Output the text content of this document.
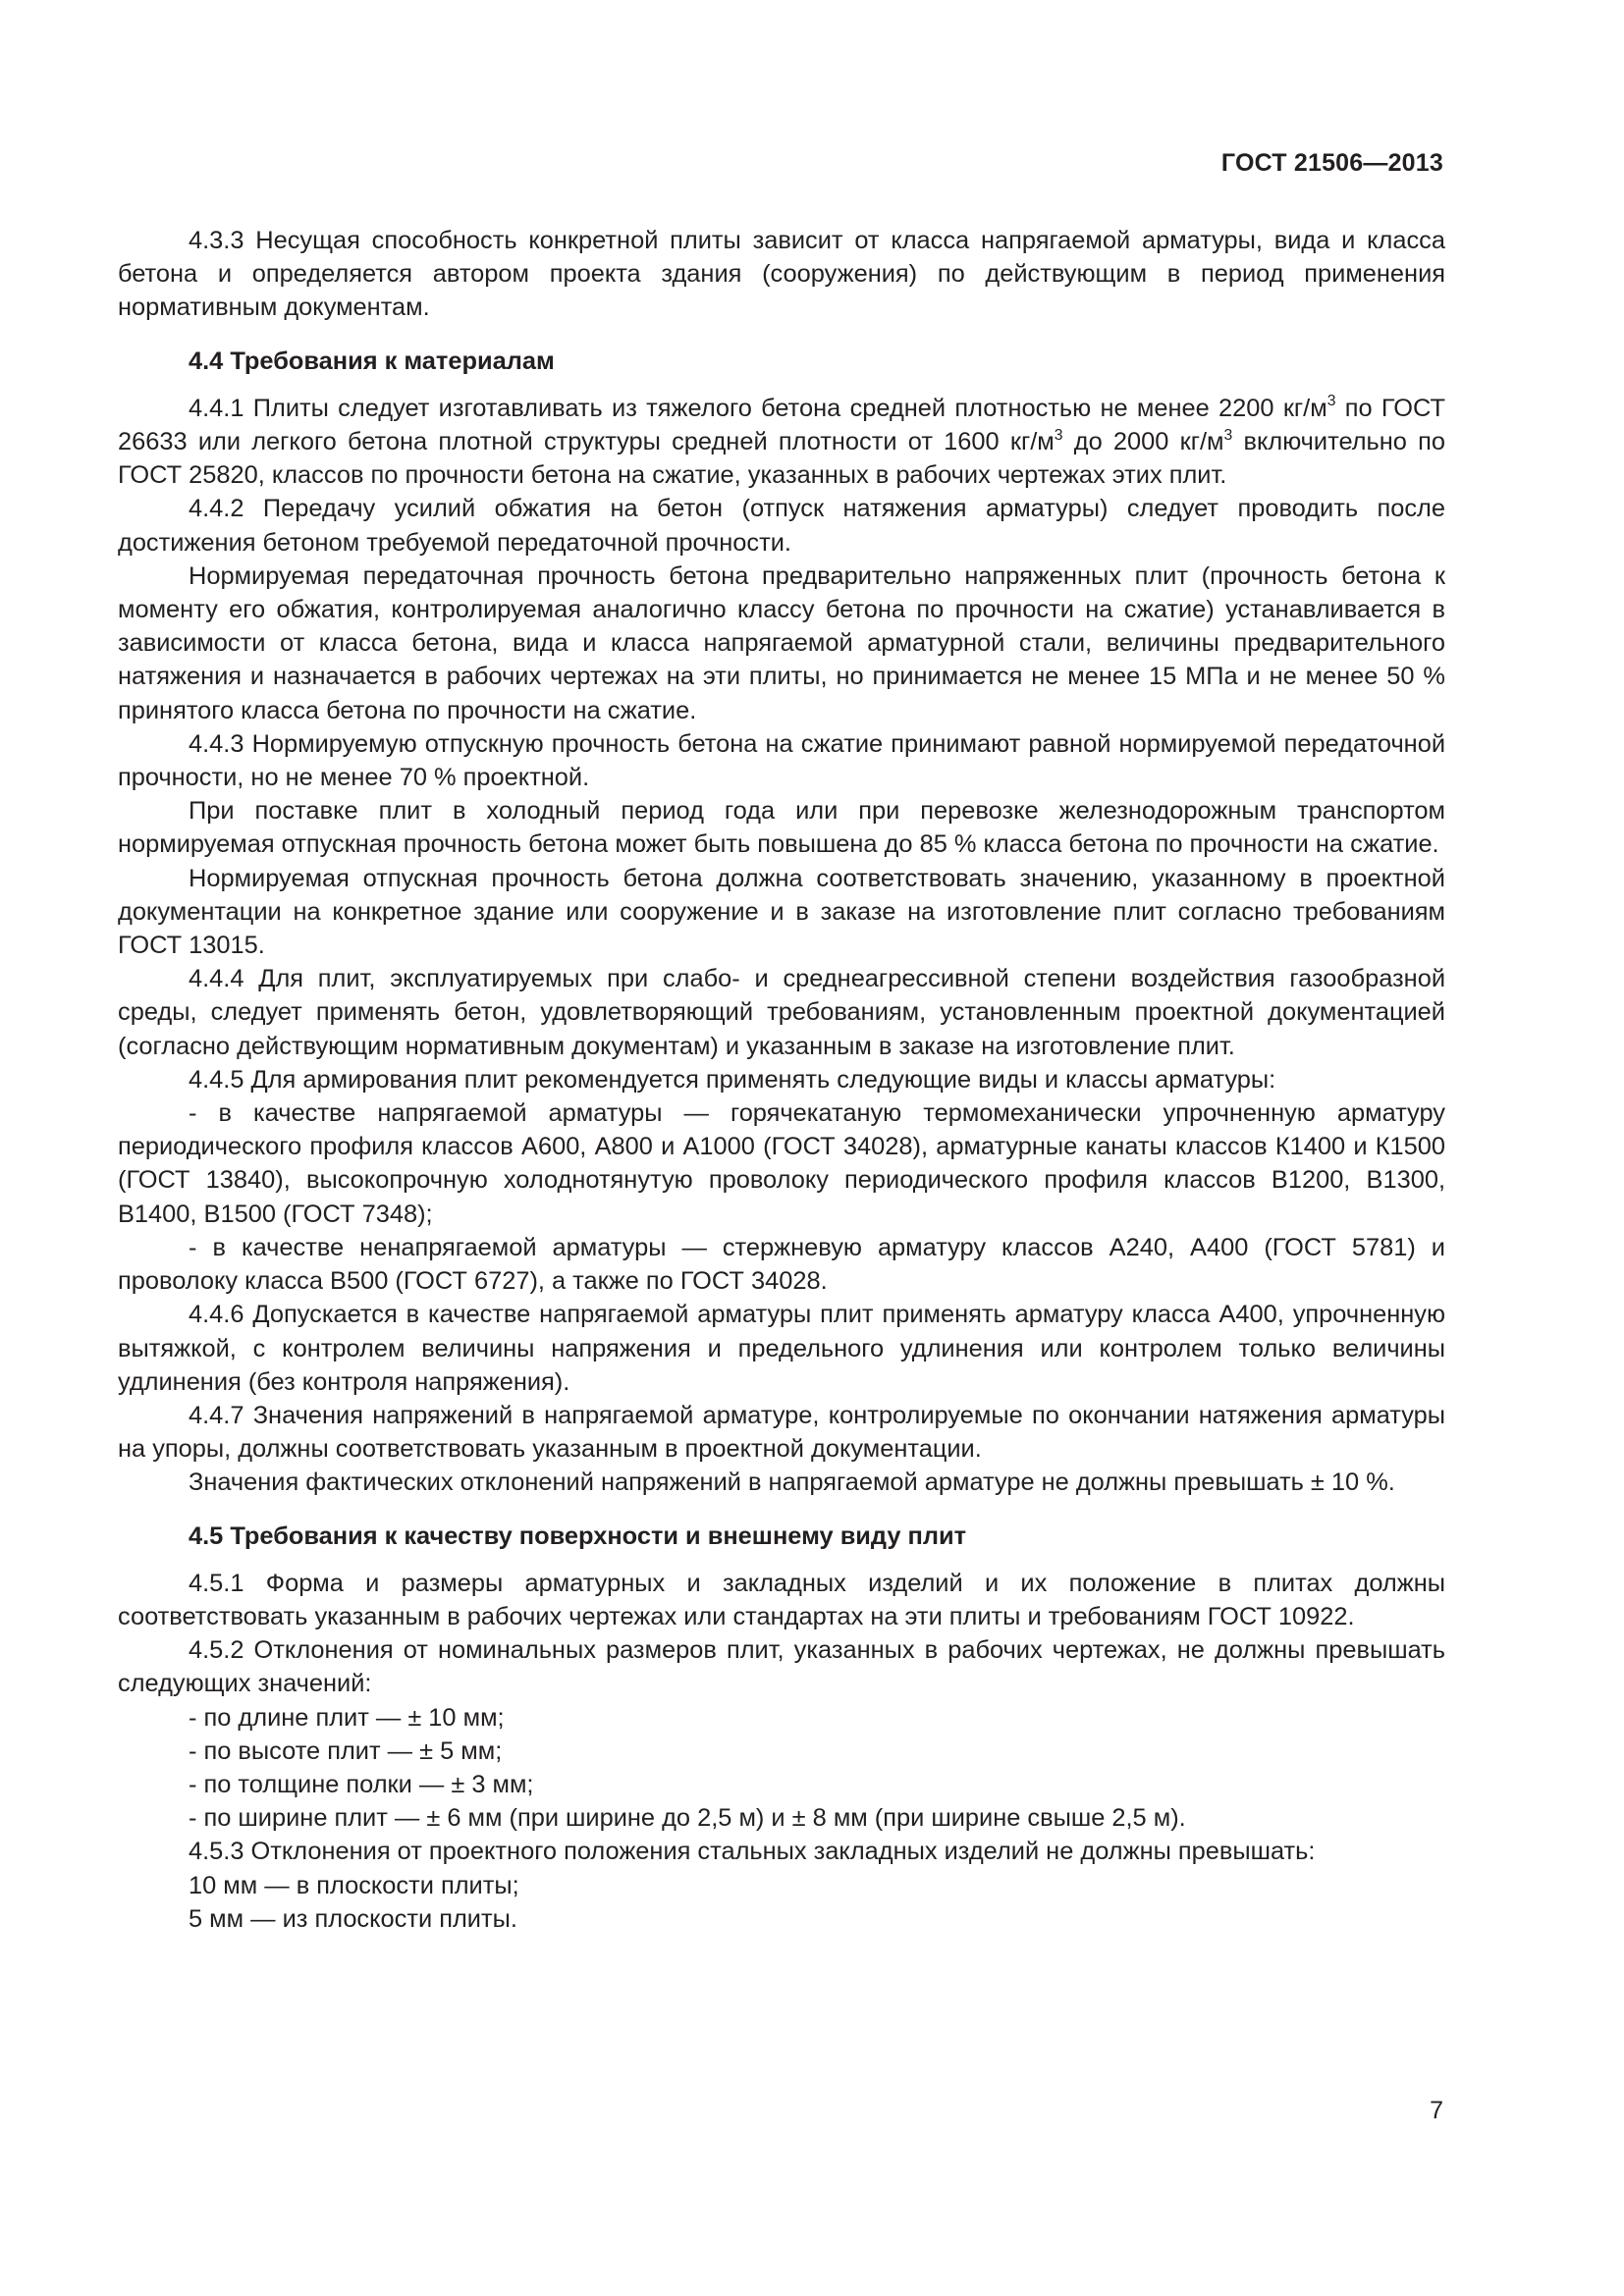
ГОСТ 21506—2013

4.3.3 Несущая способность конкретной плиты зависит от класса напрягаемой арматуры, вида и класса бетона и определяется автором проекта здания (сооружения) по действующим в период применения нормативным документам.

4.4 Требования к материалам

4.4.1 Плиты следует изготавливать из тяжелого бетона средней плотностью не менее 2200 $кг/м^3$ по ГОСТ 26633 или легкого бетона плотной структуры средней плотности от 1600 $кг/м^3$ до 2000 $кг/м^3$ включительно по ГОСТ 25820, классов по прочности бетона на сжатие, указанных в рабочих чертежах этих плит.

4.4.2 Передачу усилий обжатия на бетон (отпуск натяжения арматуры) следует проводить после достижения бетоном требуемой передаточной прочности.

Нормируемая передаточная прочность бетона предварительно напряженных плит (прочность бетона к моменту его обжатия, контролируемая аналогично классу бетона по прочности на сжатие) устанавливается в зависимости от класса бетона, вида и класса напрягаемой арматурной стали, величины предварительного натяжения и назначается в рабочих чертежах на эти плиты, но принимается не менее 15 МПа и не менее 50 % принятого класса бетона по прочности на сжатие.

4.4.3 Нормируемую отпускную прочность бетона на сжатие принимают равной нормируемой передаточной прочности, но не менее 70 % проектной.

При поставке плит в холодный период года или при перевозке железнодорожным транспортом нормируемая отпускная прочность бетона может быть повышена до 85 % класса бетона по прочности на сжатие.

Нормируемая отпускная прочность бетона должна соответствовать значению, указанному в проектной документации на конкретное здание или сооружение и в заказе на изготовление плит согласно требованиям ГОСТ 13015.

4.4.4 Для плит, эксплуатируемых при слабо- и среднеагрессивной степени воздействия газообразной среды, следует применять бетон, удовлетворяющий требованиям, установленным проектной документацией (согласно действующим нормативным документам) и указанным в заказе на изготовление плит.

4.4.5 Для армирования плит рекомендуется применять следующие виды и классы арматуры:

- в качестве напрягаемой арматуры — горячекатаную термомеханически упрочненную арматуру периодического профиля классов А600, А800 и А1000 (ГОСТ 34028), арматурные канаты классов К1400 и К1500 (ГОСТ 13840), высокопрочную холоднотянутую проволоку периодического профиля классов В1200, В1300, В1400, В1500 (ГОСТ 7348);

- в качестве ненапрягаемой арматуры — стержневую арматуру классов А240, А400 (ГОСТ 5781) и проволоку класса В500 (ГОСТ 6727), а также по ГОСТ 34028.

4.4.6 Допускается в качестве напрягаемой арматуры плит применять арматуру класса А400, упрочненную вытяжкой, с контролем величины напряжения и предельного удлинения или контролем только величины удлинения (без контроля напряжения).

4.4.7 Значения напряжений в напрягаемой арматуре, контролируемые по окончании натяжения арматуры на упоры, должны соответствовать указанным в проектной документации.

Значения фактических отклонений напряжений в напрягаемой арматуре не должны превышать ± 10 %.

4.5 Требования к качеству поверхности и внешнему виду плит

4.5.1 Форма и размеры арматурных и закладных изделий и их положение в плитах должны соответствовать указанным в рабочих чертежах или стандартах на эти плиты и требованиям ГОСТ 10922.

4.5.2 Отклонения от номинальных размеров плит, указанных в рабочих чертежах, не должны превышать следующих значений:

- по длине плит — ± 10 мм;

- по высоте плит — ± 5 мм;

- по толщине полки — ± 3 мм;

- по ширине плит — ± 6 мм (при ширине до 2,5 м) и ± 8 мм (при ширине свыше 2,5 м).

4.5.3 Отклонения от проектного положения стальных закладных изделий не должны превышать:

10 мм — в плоскости плиты;

5 мм — из плоскости плиты.

7
